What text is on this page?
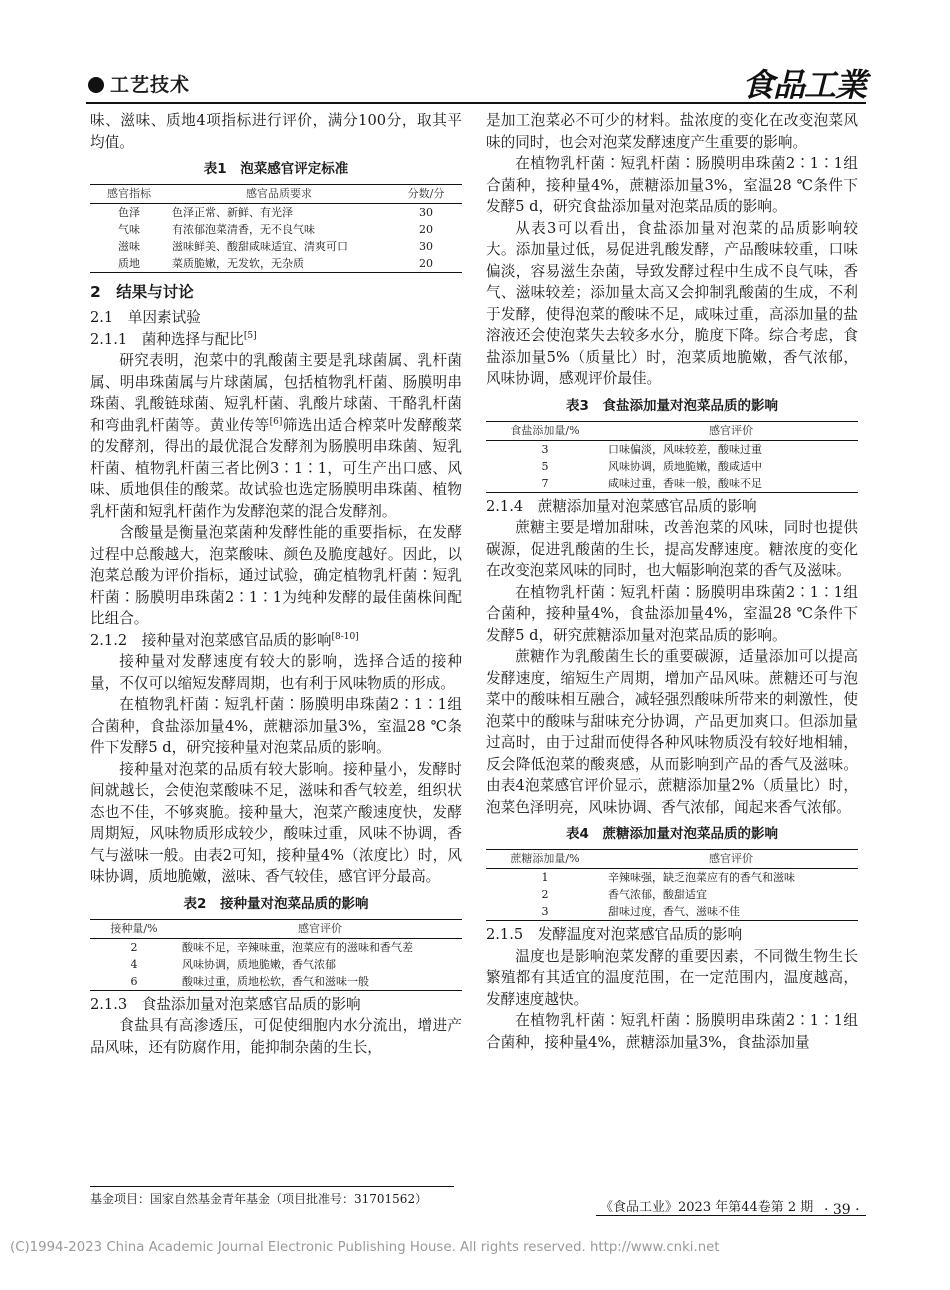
工艺技术	食品工業

味、滋味、质地4项指标进行评价，满分100分，取其平均值。

表1　泡菜感官评定标准
感官指标	感官品质要求	分数/分
色泽	色泽正常、新鲜、有光泽	30
气味	有浓郁泡菜清香，无不良气味	20
滋味	滋味鲜美、酸甜咸味适宜、清爽可口	30
质地	菜质脆嫩，无发软，无杂质	20
2　结果与讨论
2.1　单因素试验
2.1.1　菌种选择与配比[5]

研究表明，泡菜中的乳酸菌主要是乳球菌属、乳杆菌属、明串珠菌属与片球菌属，包括植物乳杆菌、肠膜明串珠菌、乳酸链球菌、短乳杆菌、乳酸片球菌、干酪乳杆菌和弯曲乳杆菌等。黄业传等[6]筛选出适合榨菜叶发酵酸菜的发酵剂，得出的最优混合发酵剂为肠膜明串珠菌、短乳杆菌、植物乳杆菌三者比例3∶1∶1，可生产出口感、风味、质地俱佳的酸菜。故试验也选定肠膜明串珠菌、植物乳杆菌和短乳杆菌作为发酵泡菜的混合发酵剂。

含酸量是衡量泡菜菌种发酵性能的重要指标，在发酵过程中总酸越大，泡菜酸味、颜色及脆度越好。因此，以泡菜总酸为评价指标，通过试验，确定植物乳杆菌∶短乳杆菌∶肠膜明串珠菌2∶1∶1为纯种发酵的最佳菌株间配比组合。

2.1.2　接种量对泡菜感官品质的影响[8-10]

接种量对发酵速度有较大的影响，选择合适的接种量，不仅可以缩短发酵周期，也有利于风味物质的形成。

在植物乳杆菌∶短乳杆菌∶肠膜明串珠菌2∶1∶1组合菌种，食盐添加量4%，蔗糖添加量3%，室温28 ℃条件下发酵5 d，研究接种量对泡菜品质的影响。

接种量对泡菜的品质有较大影响。接种量小，发酵时间就越长，会使泡菜酸味不足，滋味和香气较差，组织状态也不佳，不够爽脆。接种量大，泡菜产酸速度快，发酵周期短，风味物质形成较少，酸味过重，风味不协调，香气与滋味一般。由表2可知，接种量4%（浓度比）时，风味协调，质地脆嫩，滋味、香气较佳，感官评分最高。

表2　接种量对泡菜品质的影响
接种量/%	感官评价
2	酸味不足，辛辣味重，泡菜应有的滋味和香气差
4	风味协调，质地脆嫩，香气浓郁
6	酸味过重，质地松软，香气和滋味一般
2.1.3　食盐添加量对泡菜感官品质的影响

食盐具有高渗透压，可促使细胞内水分流出，增进产品风味，还有防腐作用，能抑制杂菌的生长，

是加工泡菜必不可少的材料。盐浓度的变化在改变泡菜风味的同时，也会对泡菜发酵速度产生重要的影响。

在植物乳杆菌∶短乳杆菌∶肠膜明串珠菌2∶1∶1组合菌种，接种量4%，蔗糖添加量3%，室温28 ℃条件下发酵5 d，研究食盐添加量对泡菜品质的影响。

从表3可以看出，食盐添加量对泡菜的品质影响较大。添加量过低，易促进乳酸发酵，产品酸味较重，口味偏淡，容易滋生杂菌，导致发酵过程中生成不良气味，香气、滋味较差；添加量太高又会抑制乳酸菌的生成，不利于发酵，使得泡菜的酸味不足，咸味过重，高添加量的盐溶液还会使泡菜失去较多水分，脆度下降。综合考虑，食盐添加量5%（质量比）时，泡菜质地脆嫩，香气浓郁，风味协调，感观评价最佳。

表3　食盐添加量对泡菜品质的影响
食盐添加量/%	感官评价
3	口味偏淡，风味较差，酸味过重
5	风味协调，质地脆嫩，酸咸适中
7	咸味过重，香味一般，酸味不足
2.1.4　蔗糖添加量对泡菜感官品质的影响

蔗糖主要是增加甜味，改善泡菜的风味，同时也提供碳源，促进乳酸菌的生长，提高发酵速度。糖浓度的变化在改变泡菜风味的同时，也大幅影响泡菜的香气及滋味。

在植物乳杆菌∶短乳杆菌∶肠膜明串珠菌2∶1∶1组合菌种，接种量4%，食盐添加量4%，室温28 ℃条件下发酵5 d，研究蔗糖添加量对泡菜品质的影响。

蔗糖作为乳酸菌生长的重要碳源，适量添加可以提高发酵速度，缩短生产周期，增加产品风味。蔗糖还可与泡菜中的酸味相互融合，减轻强烈酸味所带来的刺激性，使泡菜中的酸味与甜味充分协调，产品更加爽口。但添加量过高时，由于过甜而使得各种风味物质没有较好地相辅，反会降低泡菜的酸爽感，从而影响到产品的香气及滋味。由表4泡菜感官评价显示，蔗糖添加量2%（质量比）时，泡菜色泽明亮，风味协调、香气浓郁，闻起来香气浓郁。

表4　蔗糖添加量对泡菜品质的影响
蔗糖添加量/%	感官评价
1	辛辣味强，缺乏泡菜应有的香气和滋味
2	香气浓郁，酸甜适宜
3	甜味过度，香气、滋味不佳
2.1.5　发酵温度对泡菜感官品质的影响

温度也是影响泡菜发酵的重要因素，不同微生物生长繁殖都有其适宜的温度范围，在一定范围内，温度越高，发酵速度越快。

在植物乳杆菌∶短乳杆菌∶肠膜明串珠菌2∶1∶1组合菌种，接种量4%，蔗糖添加量3%，食盐添加量

基金项目：国家自然基金青年基金（项目批准号：31701562）
《食品工业》2023 年第44卷第 2 期 · 39 ·
(C)1994-2023 China Academic Journal Electronic Publishing House. All rights reserved. http://www.cnki.net
